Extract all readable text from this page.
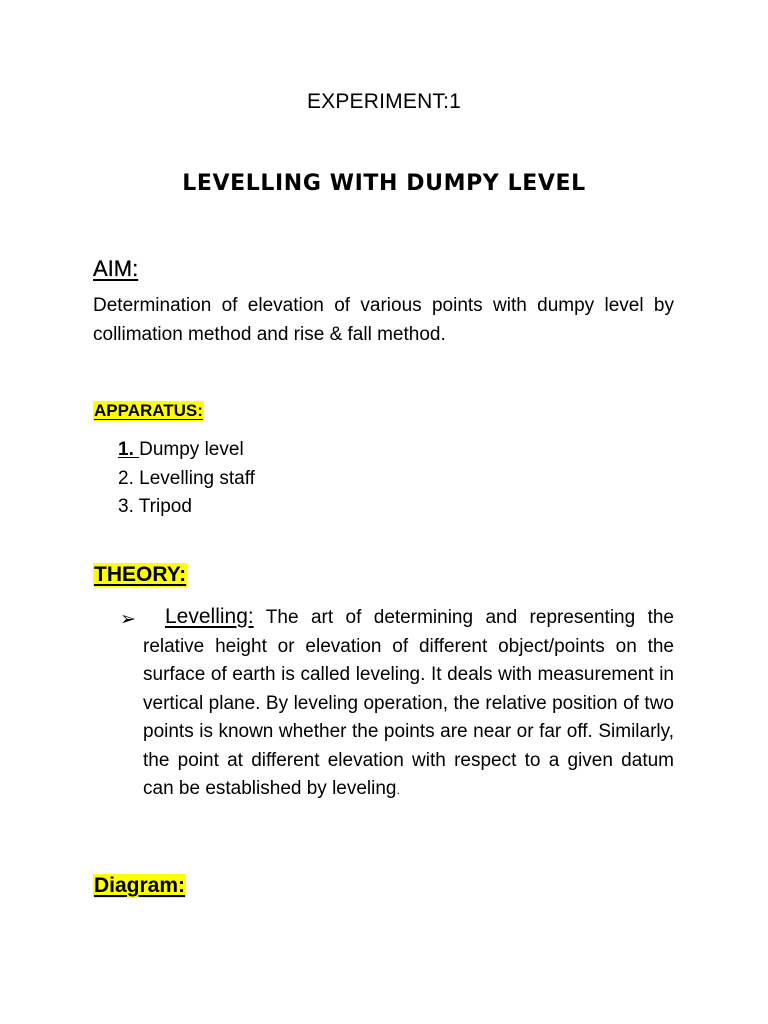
EXPERIMENT:1
LEVELLING WITH DUMPY LEVEL
AIM:
Determination of elevation of various points with dumpy level by collimation method and rise & fall method.
APPARATUS:
1. Dumpy level
2. Levelling staff
3. Tripod
THEORY:
➢	Levelling: The art of determining and representing the relative height or elevation of different object/points on the surface of earth is called leveling. It deals with measurement in vertical plane. By leveling operation, the relative position of two points is known whether the points are near or far off. Similarly, the point at different elevation with respect to a given datum can be established by leveling.

Diagram:
